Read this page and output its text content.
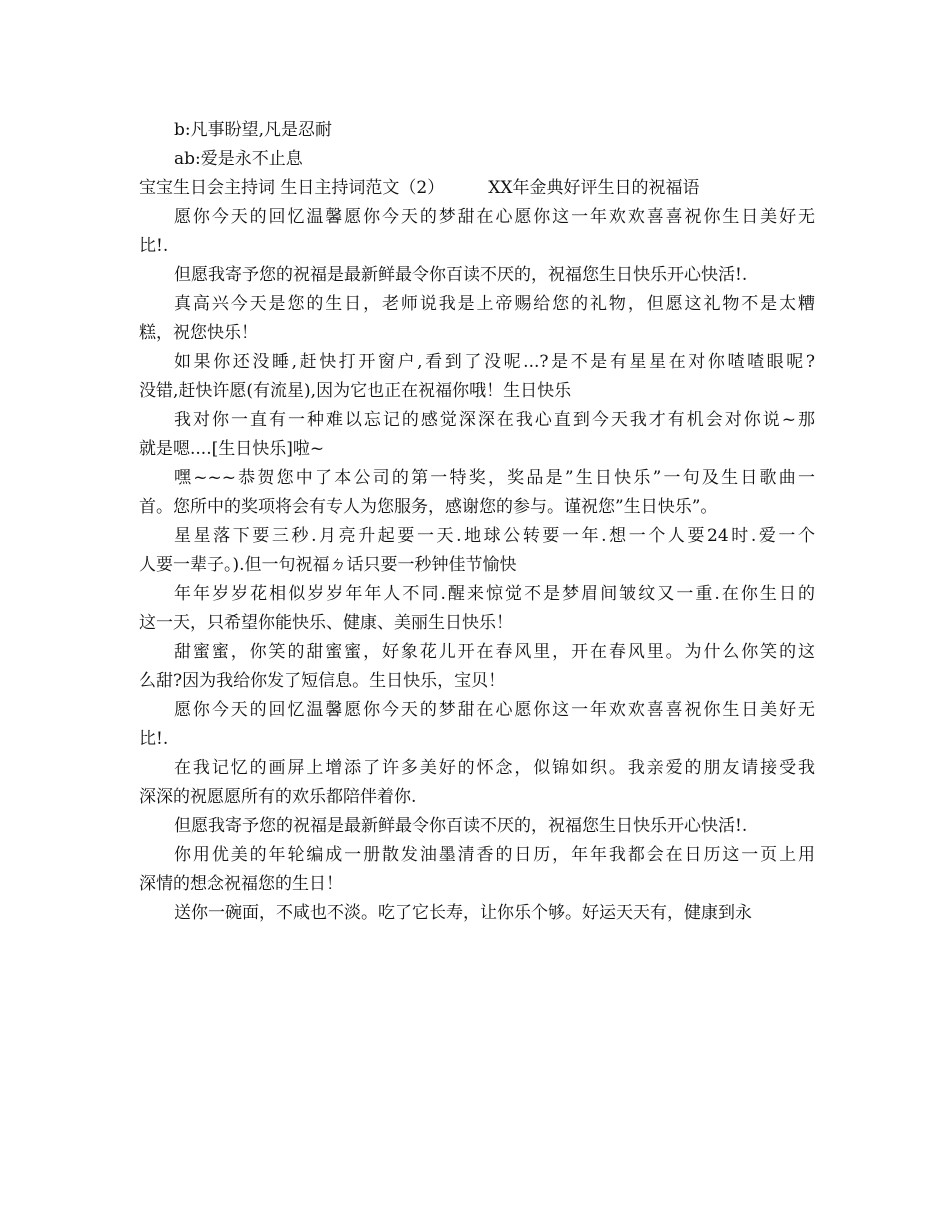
b:凡事盼望,凡是忍耐
ab:爱是永不止息
宝宝生日会主持词 生日主持词范文（2）	XX年金典好评生日的祝福语
愿你今天的回忆温馨愿你今天的梦甜在心愿你这一年欢欢喜喜祝你生日美好无
比!.
但愿我寄予您的祝福是最新鲜最令你百读不厌的，祝福您生日快乐开心快活!.
真高兴今天是您的生日，老师说我是上帝赐给您的礼物，但愿这礼物不是太糟
糕，祝您快乐！
如果你还没睡,赶快打开窗户,看到了没呢...?是不是有星星在对你喳喳眼呢?
没错,赶快许愿(有流星),因为它也正在祝福你哦！生日快乐
我对你一直有一种难以忘记的感觉深深在我心直到今天我才有机会对你说~那
就是嗯....[生日快乐]啦~
嘿~~~恭贺您中了本公司的第一特奖，奖品是”生日快乐”一句及生日歌曲一
首。您所中的奖项将会有专人为您服务，感谢您的参与。谨祝您”生日快乐”。
星星落下要三秒.月亮升起要一天.地球公转要一年.想一个人要24时.爱一个
人要一辈子。).但一句祝福ㄉ话只要一秒钟佳节愉快
年年岁岁花相似岁岁年年人不同.醒来惊觉不是梦眉间皱纹又一重.在你生日的
这一天，只希望你能快乐、健康、美丽生日快乐！
甜蜜蜜，你笑的甜蜜蜜，好象花儿开在春风里，开在春风里。为什么你笑的这
么甜?因为我给你发了短信息。生日快乐，宝贝！
愿你今天的回忆温馨愿你今天的梦甜在心愿你这一年欢欢喜喜祝你生日美好无
比!.
在我记忆的画屏上增添了许多美好的怀念，似锦如织。我亲爱的朋友请接受我
深深的祝愿愿所有的欢乐都陪伴着你.
但愿我寄予您的祝福是最新鲜最令你百读不厌的，祝福您生日快乐开心快活!.
你用优美的年轮编成一册散发油墨清香的日历，年年我都会在日历这一页上用
深情的想念祝福您的生日！
送你一碗面，不咸也不淡。吃了它长寿，让你乐个够。好运天天有，健康到永
